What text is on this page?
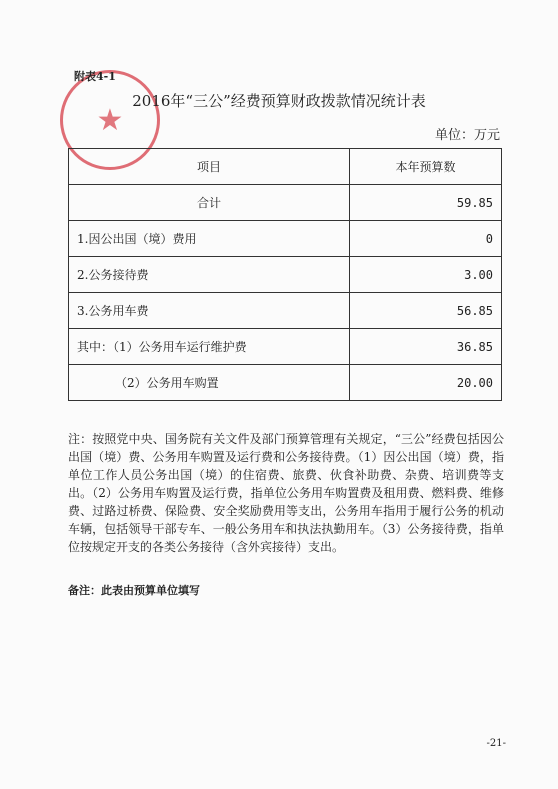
★
附表4-1
2016年“三公”经费预算财政拨款情况统计表
单位：万元
项目	本年预算数
合计	59.85
1.因公出国（境）费用	0
2.公务接待费	3.00
3.公务用车费	56.85
其中：（1）公务用车运行维护费	36.85
（2）公务用车购置	20.00
注：按照党中央、国务院有关文件及部门预算管理有关规定，“三公”经费包括因公出国（境）费、公务用车购置及运行费和公务接待费。（1）因公出国（境）费，指单位工作人员公务出国（境）的住宿费、旅费、伙食补助费、杂费、培训费等支出。（2）公务用车购置及运行费，指单位公务用车购置费及租用费、燃料费、维修费、过路过桥费、保险费、安全奖励费用等支出，公务用车指用于履行公务的机动车辆，包括领导干部专车、一般公务用车和执法执勤用车。（3）公务接待费，指单位按规定开支的各类公务接待（含外宾接待）支出。
备注：此表由预算单位填写
-21-
